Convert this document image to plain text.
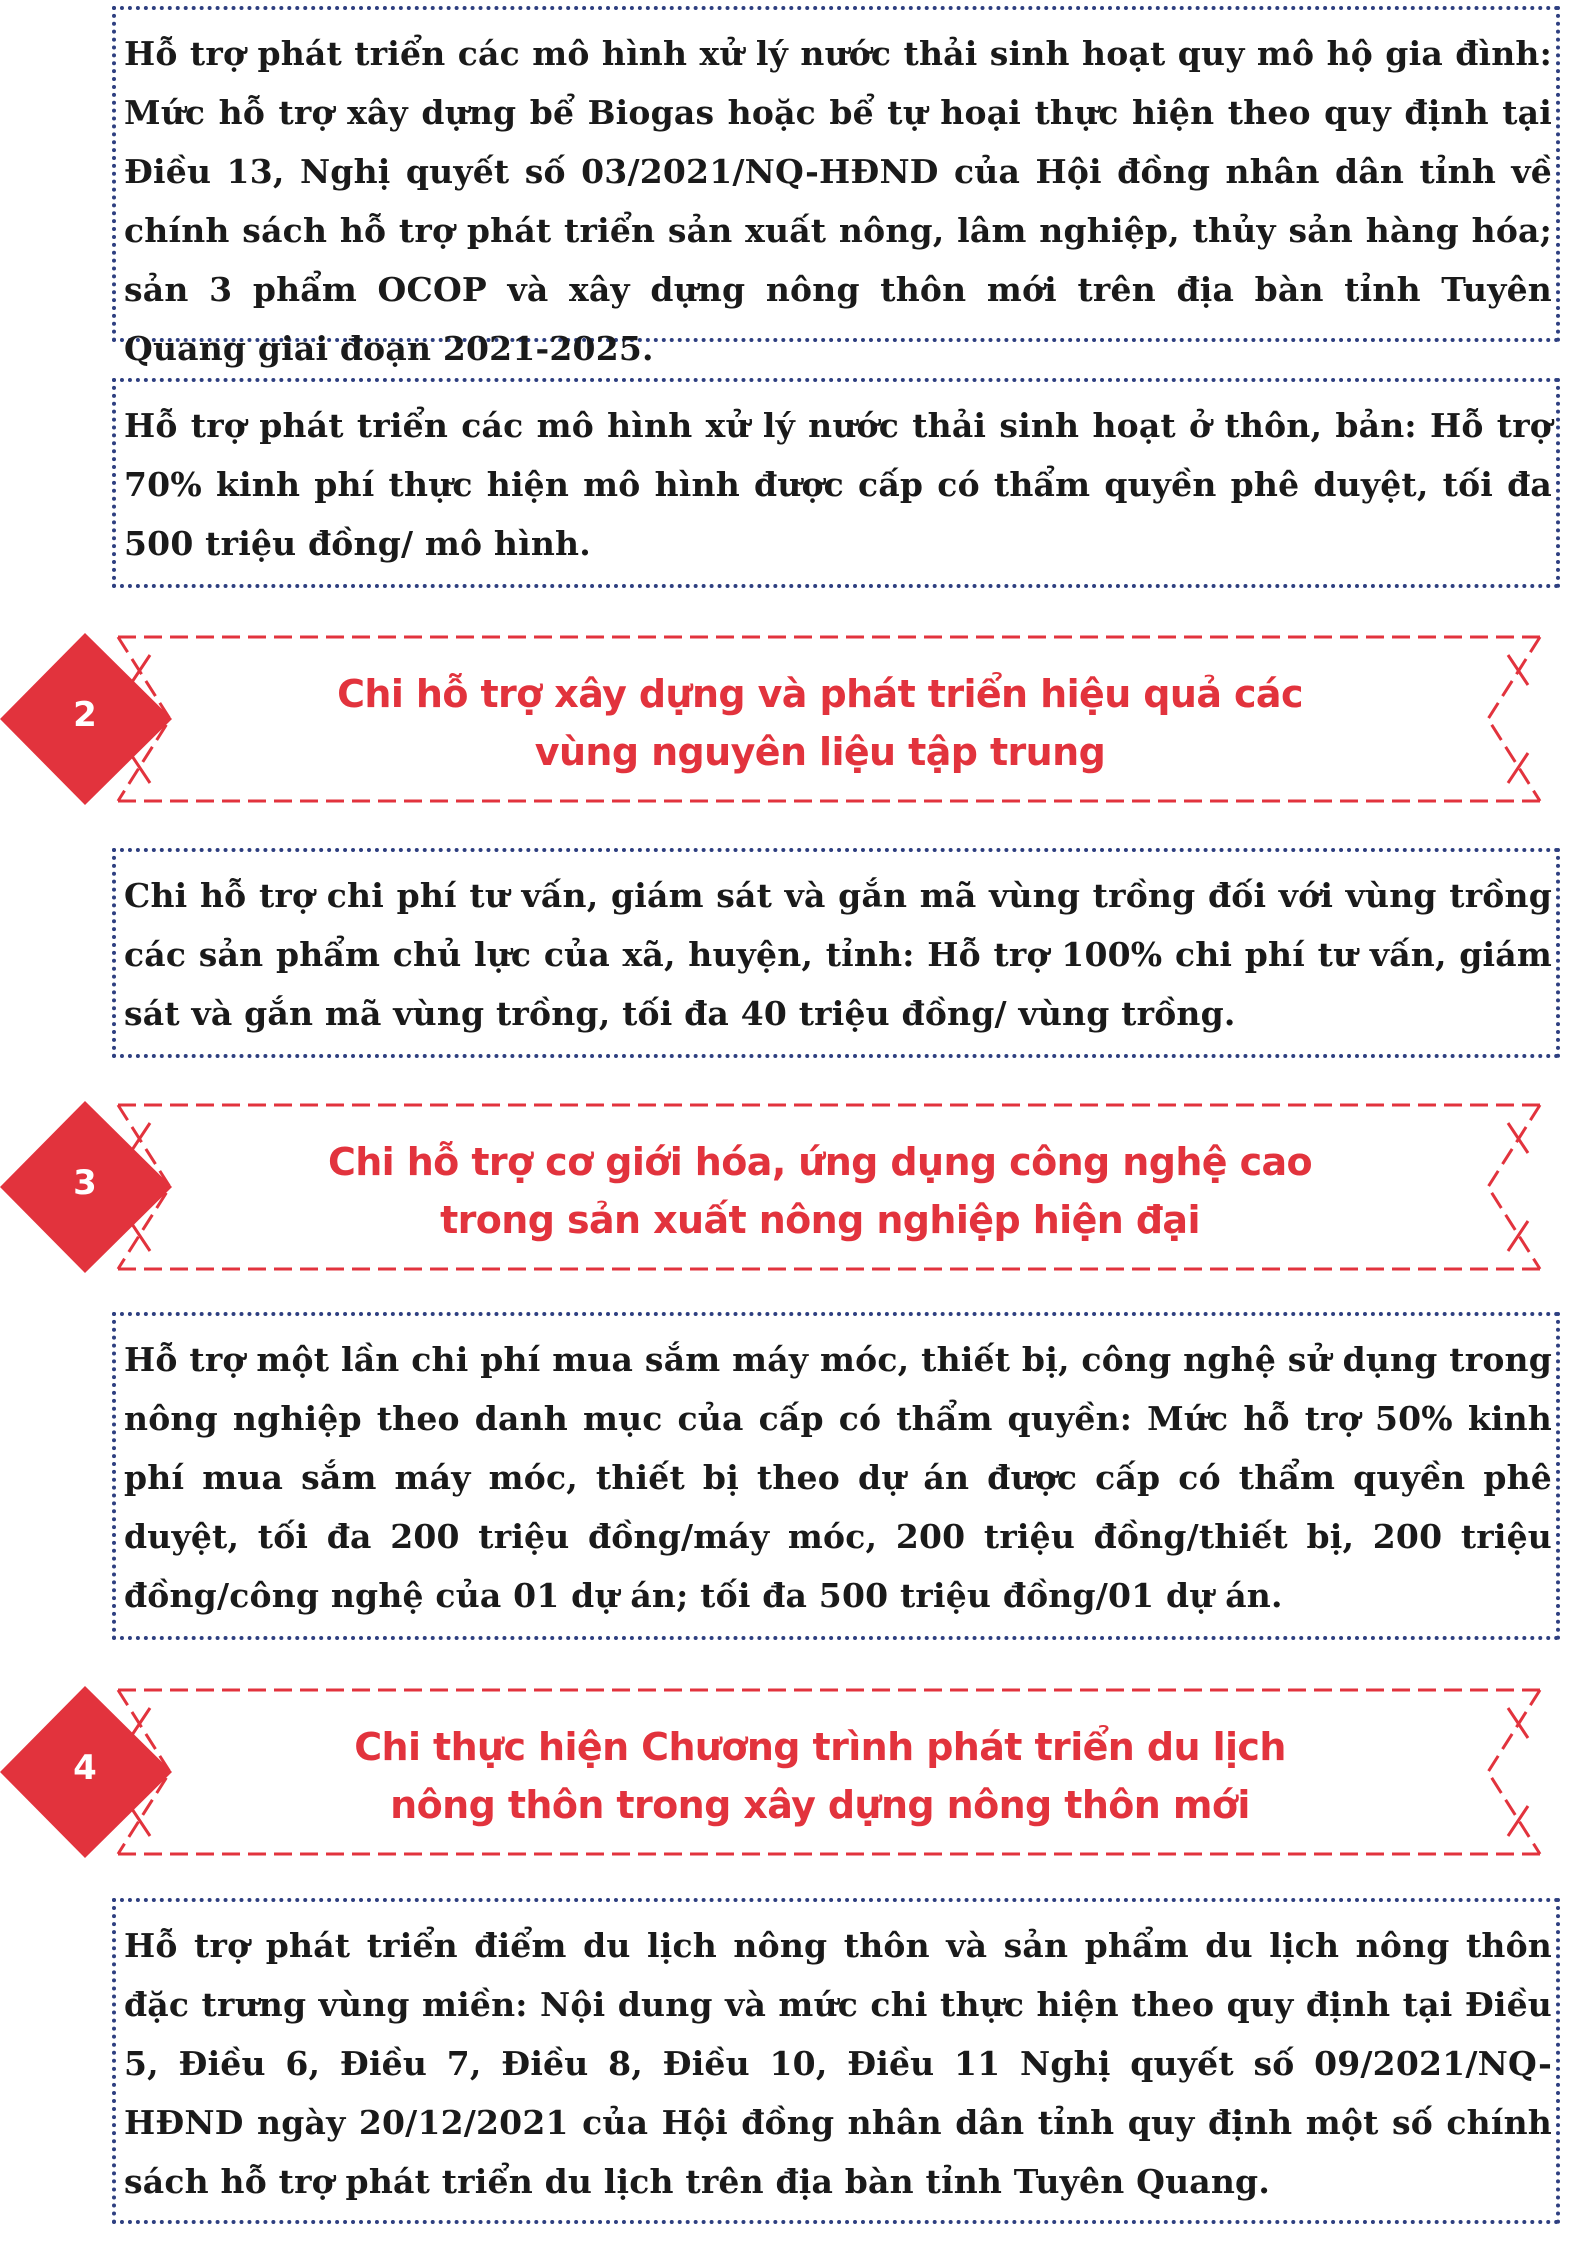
Hỗ trợ phát triển các mô hình xử lý nước thải sinh hoạt quy mô hộ gia đình: Mức hỗ trợ xây dựng bể Biogas hoặc bể tự hoại thực hiện theo quy định tại Điều 13, Nghị quyết số 03/2021/NQ-HĐND của Hội đồng nhân dân tỉnh về chính sách hỗ trợ phát triển sản xuất nông, lâm nghiệp, thủy sản hàng hóa; sản 3 phẩm OCOP và xây dựng nông thôn mới trên địa bàn tỉnh Tuyên Quang giai đoạn 2021-2025.
Hỗ trợ phát triển các mô hình xử lý nước thải sinh hoạt ở thôn, bản: Hỗ trợ 70% kinh phí thực hiện mô hình được cấp có thẩm quyền phê duyệt, tối đa 500 triệu đồng/ mô hình.
2	Chi hỗ trợ xây dựng và phát triển hiệu quả các
vùng nguyên liệu tập trung
Chi hỗ trợ chi phí tư vấn, giám sát và gắn mã vùng trồng đối với vùng trồng các sản phẩm chủ lực của xã, huyện, tỉnh: Hỗ trợ 100% chi phí tư vấn, giám sát và gắn mã vùng trồng, tối đa 40 triệu đồng/ vùng trồng.
3	Chi hỗ trợ cơ giới hóa, ứng dụng công nghệ cao
trong sản xuất nông nghiệp hiện đại
Hỗ trợ một lần chi phí mua sắm máy móc, thiết bị, công nghệ sử dụng trong nông nghiệp theo danh mục của cấp có thẩm quyền: Mức hỗ trợ 50% kinh phí mua sắm máy móc, thiết bị theo dự án được cấp có thẩm quyền phê duyệt, tối đa 200 triệu đồng/máy móc, 200 triệu đồng/thiết bị, 200 triệu đồng/công nghệ của 01 dự án; tối đa 500 triệu đồng/01 dự án.
4	Chi thực hiện Chương trình phát triển du lịch
nông thôn trong xây dựng nông thôn mới
Hỗ trợ phát triển điểm du lịch nông thôn và sản phẩm du lịch nông thôn đặc trưng vùng miền: Nội dung và mức chi thực hiện theo quy định tại Điều 5, Điều 6, Điều 7, Điều 8, Điều 10, Điều 11 Nghị quyết số 09/2021/NQ-HĐND ngày 20/12/2021 của Hội đồng nhân dân tỉnh quy định một số chính sách hỗ trợ phát triển du lịch trên địa bàn tỉnh Tuyên Quang.
